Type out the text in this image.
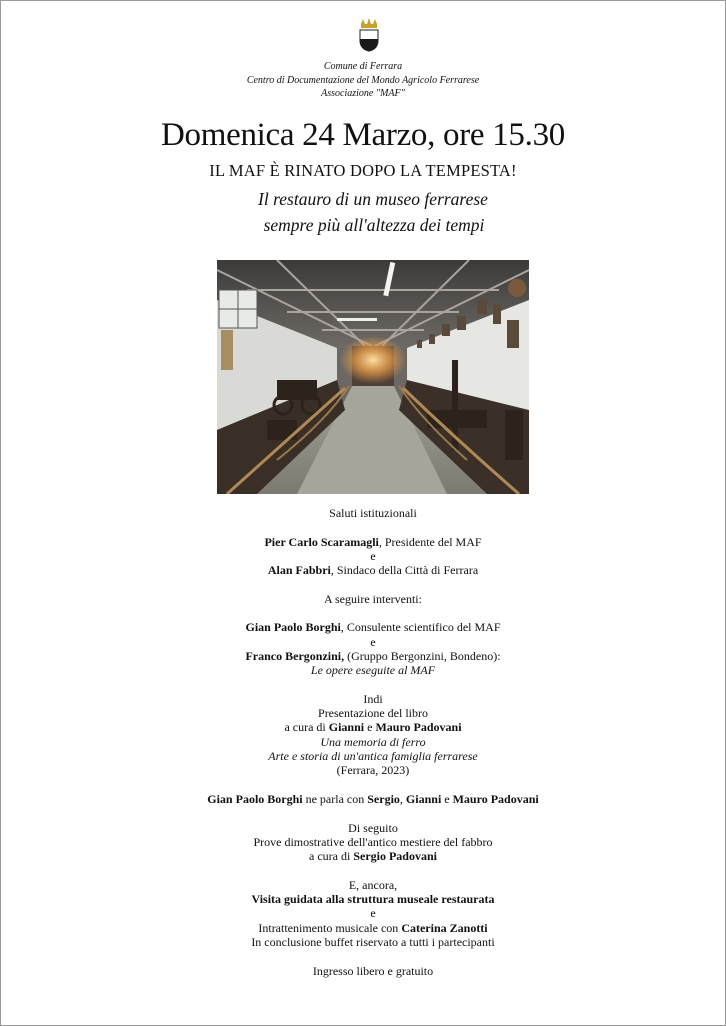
Comune di Ferrara
Centro di Documentazione del Mondo Agricolo Ferrarese
Associazione "MAF"
Domenica 24 Marzo, ore 15.30
IL MAF È RINATO DOPO LA TEMPESTA!
Il restauro di un museo ferrarese
sempre più all'altezza dei tempi
Saluti istituzionali
Pier Carlo Scaramagli, Presidente del MAF
e
Alan Fabbri, Sindaco della Città di Ferrara
A seguire interventi:
Gian Paolo Borghi, Consulente scientifico del MAF
e
Franco Bergonzini, (Gruppo Bergonzini, Bondeno):
Le opere eseguite al MAF
Indi
Presentazione del libro
a cura di Gianni e Mauro Padovani
Una memoria di ferro
Arte e storia di un'antica famiglia ferrarese
(Ferrara, 2023)
Gian Paolo Borghi ne parla con Sergio, Gianni e Mauro Padovani
Di seguito
Prove dimostrative dell'antico mestiere del fabbro
a cura di Sergio Padovani
E, ancora,
Visita guidata alla struttura museale restaurata
e
Intrattenimento musicale con Caterina Zanotti
In conclusione buffet riservato a tutti i partecipanti
Ingresso libero e gratuito
